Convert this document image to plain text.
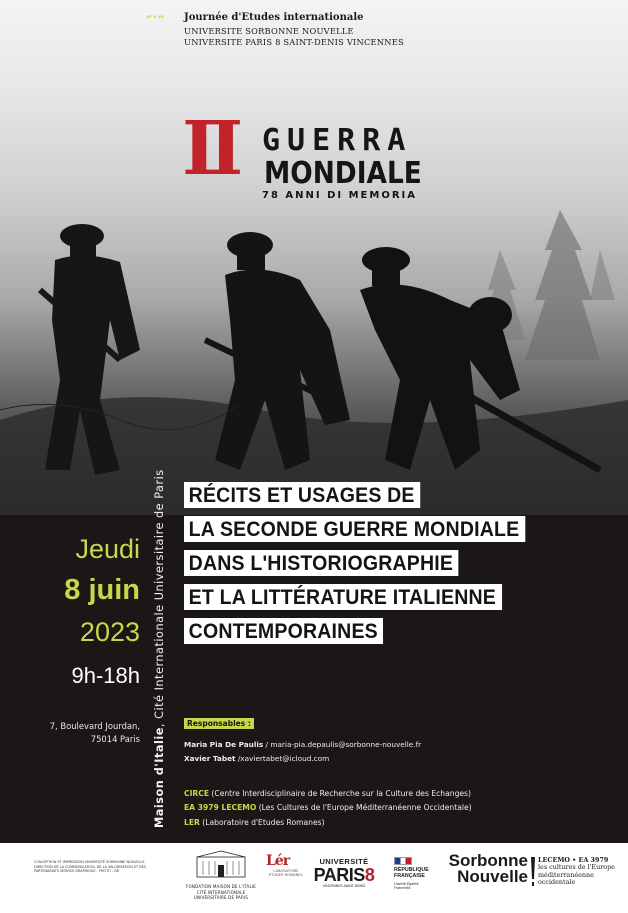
″′″ Journée d'Etudes internationale
UNIVERSITE SORBONNE NOUVELLE
UNIVERSITE PARIS 8 SAINT-DENIS VINCENNES
II GUERRA
MONDIALE
78 ANNI DI MEMORIA
Maison d'Italie, Cité Internationale Universitaire de Paris RÉCITS ET USAGES DE
LA SECONDE GUERRE MONDIALE
DANS L'HISTORIOGRAPHIE
ET LA LITTÉRATURE ITALIENNE
CONTEMPORAINES
Jeudi
8 juin
2023
9h-18h
7, Boulevard Jourdan,
75014 Paris
Responsables :
Maria Pia De Paulis / maria-pia.depaulis@sorbonne-nouvelle.fr
Xavier Tabet /xaviertabet@icloud.com
CIRCE (Centre Interdisciplinaire de Recherche sur la Culture des Echanges)
EA 3979 LECEMO (Les Cultures de l'Europe Méditerranéenne Occidentale)
LER (Laboratoire d'Etudes Romanes)
CONCEPTION ET IMPRESSION UNIVERSITÉ SORBONNE NOUVELLE DIRECTION DE LA COMMUNICATION, DE LA VALORISATION ET DES PARTENARIATS SERVICE GRAPHIQUE - PHOTO : DR
FONDATION MAISON DE L'ITALIE
CITÉ INTERNATIONALE UNIVERSITAIRE DE PARIS
Lér
LABORATOIRE ÉTUDES ROMANES
UNIVERSITÉ
PARIS8
VINCENNES-SAINT-DENIS
RÉPUBLIQUE
FRANÇAISE
Liberté Égalité Fraternité
Sorbonne
Nouvelle
LECEMO • EA 3979
les cultures de l'Europe
méditerranéenne
occidentale
